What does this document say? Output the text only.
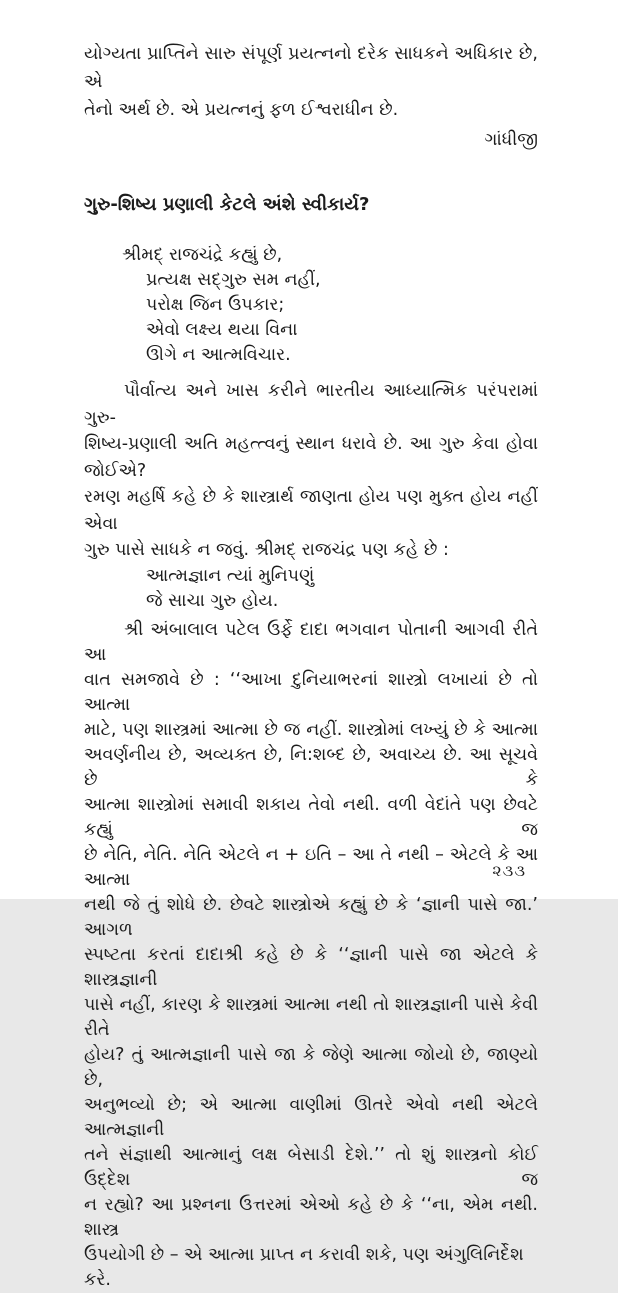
યોગ્યતા પ્રાપ્તિને સારુ સંપૂર્ણ પ્રયત્નનો દરેક સાધકને અધિકાર છે, એ
તેનો અર્થ છે. એ પ્રયત્નનું ફળ ઈશ્વરાધીન છે.
ગાંધીજી
ગુરુ-શિષ્ય પ્રણાલી કેટલે અંશે સ્વીકાર્ય?
શ્રીમદ્ રાજચંદ્રે કહ્યું છે,
પ્રત્યક્ષ સદ્ગુરુ સમ નહીં,
પરોક્ષ જિન ઉપકાર;
એવો લક્ષ્ય થયા વિના
ઊગે ન આત્મવિચાર.
પૌર્વાત્ય અને ખાસ કરીને ભારતીય આધ્યાત્મિક પરંપરામાં ગુરુ-
શિષ્ય-પ્રણાલી અતિ મહત્ત્વનું સ્થાન ધરાવે છે. આ ગુરુ કેવા હોવા જોઈએ?
રમણ મહર્ષિ કહે છે કે શાસ્ત્રાર્થ જાણતા હોય પણ મુક્ત હોય નહીં એવા
ગુરુ પાસે સાધકે ન જવું. શ્રીમદ્ રાજચંદ્ર પણ કહે છે :
આત્મજ્ઞાન ત્યાં મુનિપણું
જે સાચા ગુરુ હોય.
શ્રી અંબાલાલ પટેલ ઉર્ફે દાદા ભગવાન પોતાની આગવી રીતે આ
વાત સમજાવે છે : ‘‘આખા દુનિયાભરનાં શાસ્ત્રો લખાયાં છે તો આત્મા
માટે, પણ શાસ્ત્રમાં આત્મા છે જ નહીં. શાસ્ત્રોમાં લખ્યું છે કે આત્મા
અવર્ણનીય છે, અવ્યક્ત છે, નિ:શબ્દ છે, અવાચ્ય છે. આ સૂચવે છે કે
આત્મા શાસ્ત્રોમાં સમાવી શકાય તેવો નથી. વળી વેદાંતે પણ છેવટે કહ્યું જ
છે નેતિ, નેતિ. નેતિ એટલે ન + ઇતિ – આ તે નથી – એટલે કે આ આત્મા
નથી જે તું શોધે છે. છેવટે શાસ્ત્રોએ કહ્યું છે કે ‘જ્ઞાની પાસે જા.’ આગળ
સ્પષ્ટતા કરતાં દાદાશ્રી કહે છે કે ‘‘જ્ઞાની પાસે જા એટલે કે શાસ્ત્રજ્ઞાની
પાસે નહીં, કારણ કે શાસ્ત્રમાં આત્મા નથી તો શાસ્ત્રજ્ઞાની પાસે કેવી રીતે
હોય? તું આત્મજ્ઞાની પાસે જા કે જેણે આત્મા જોયો છે, જાણ્યો છે,
અનુભવ્યો છે; એ આત્મા વાણીમાં ઊતરે એવો નથી એટલે આત્મજ્ઞાની
તને સંજ્ઞાથી આત્માનું લક્ષ બેસાડી દેશે.’’ તો શું શાસ્ત્રનો કોઈ ઉદ્દેશ જ
ન રહ્યો? આ પ્રશ્નના ઉત્તરમાં એઓ કહે છે કે ‘‘ના, એમ નથી. શાસ્ત્ર
ઉપયોગી છે – એ આત્મા પ્રાપ્ત ન કરાવી શકે, પણ અંગુલિનિર્દેશ કરે.
૨૩૩
